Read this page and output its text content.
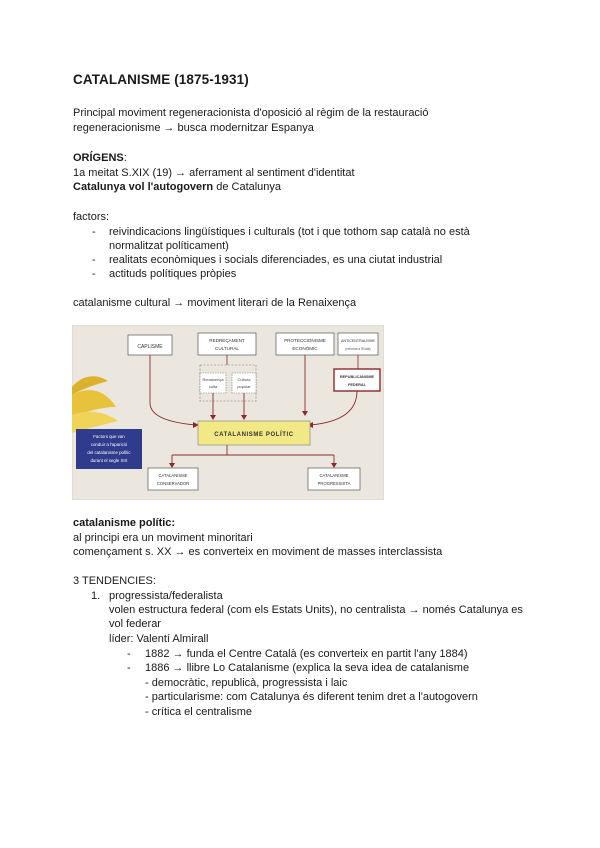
CATALANISME (1875-1931)
Principal moviment regeneracionista d'oposició al règim de la restauració
regeneracionisme → busca modernitzar Espanya
ORÍGENS:
1a meitat S.XIX (19) → aferrament al sentiment d'identitat
Catalunya vol l'autogovern de Catalunya
factors:
- reivindicacions lingüístiques i culturals (tot i que tothom sap català no està
normalitzat políticament)
- realitats econòmiques i socials diferenciades, es una ciutat industrial
- actituds polítiques pròpies
catalanisme cultural → moviment literari de la Renaixença
CAPLISME
REDREÇAMENT
CULTURAL
PROTECCIONISME
ECONÒMIC
ANTICENTRALISME
(reforma a l'Estat)
Renaixença
culta
Cultura
popular
REPUBLICANISME
FEDERAL
CATALANISME POLÍTIC
Factors que van
conduir a l'aparició
del catalanisme polític
durant el segle XIX
CATALANISME
CONSERVADOR
CATALANISME
PROGRESSISTA
catalanisme polític:
al principi era un moviment minoritari
començament s. XX → es converteix en moviment de masses interclassista
3 TENDENCIES:
1. progressista/federalista
volen estructura federal (com els Estats Units), no centralista → només Catalunya es
vol federar
líder: Valentí Almirall
- 1882 → funda el Centre Català (es converteix en partit l'any 1884)
- 1886 → llibre Lo Catalanisme (explica la seva idea de catalanisme
- democràtic, republicà, progressista i laic
- particularisme: com Catalunya és diferent tenim dret a l'autogovern
- crítica el centralisme
